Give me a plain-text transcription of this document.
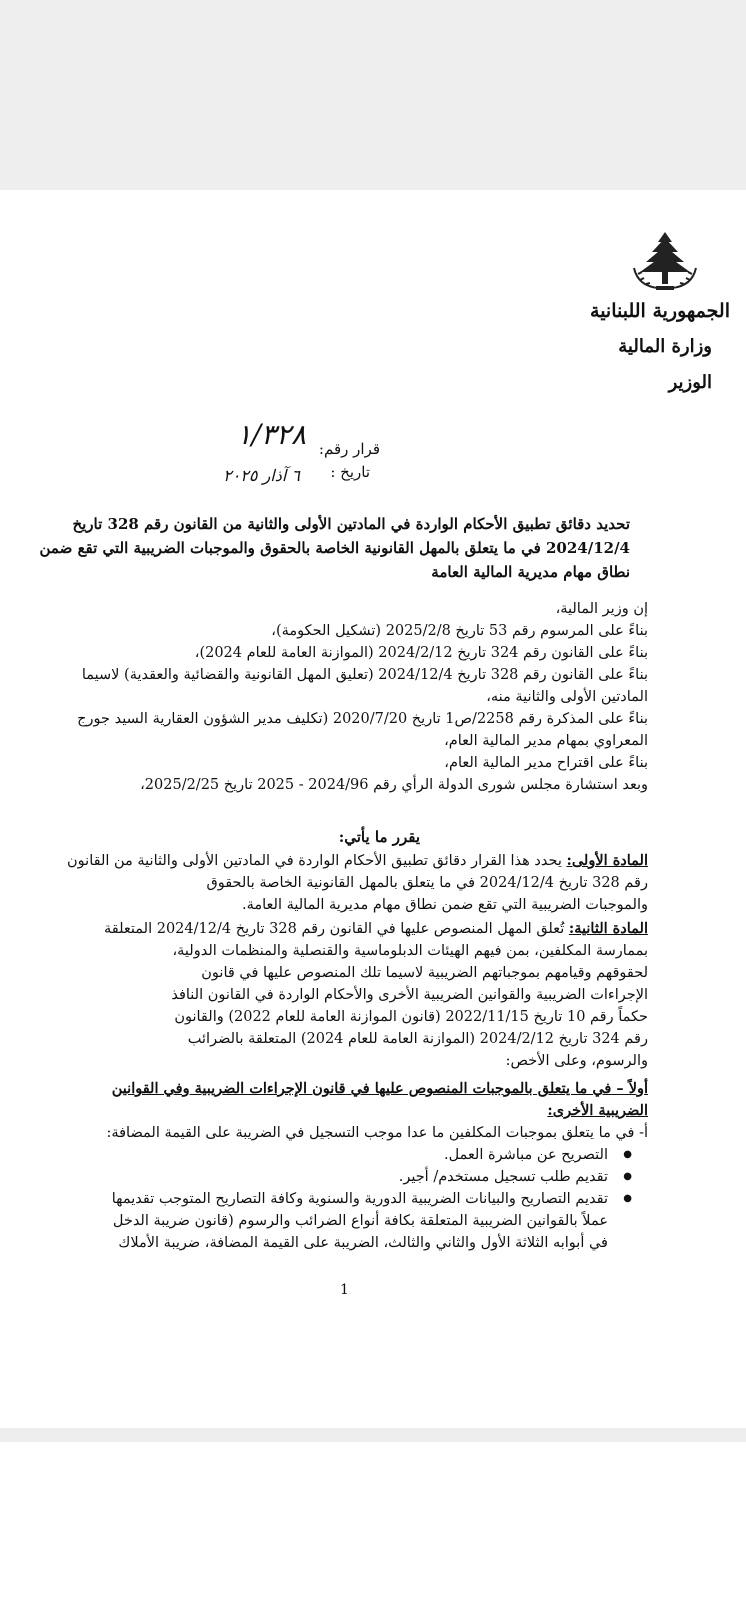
الجمهورية اللبنانية
وزارة المالية
الوزير
قرار رقم:
١/٣٢٨
تاريخ :
٦ آذار ٢٠٢٥
تحديد دقائق تطبيق الأحكام الواردة في المادتين الأولى والثانية من القانون رقم 328 تاريخ
2024/12/4 في ما يتعلق بالمهل القانونية الخاصة بالحقوق والموجبات الضريبية التي تقع ضمن
نطاق مهام مديرية المالية العامة
إن وزير المالية،
بناءً على المرسوم رقم 53 تاريخ 2025/2/8 (تشكيل الحكومة)،
بناءً على القانون رقم 324 تاريخ 2024/2/12 (الموازنة العامة للعام 2024)،
بناءً على القانون رقم 328 تاريخ 2024/12/4 (تعليق المهل القانونية والقضائية والعقدية) لاسيما
المادتين الأولى والثانية منه،
بناءً على المذكرة رقم 2258/ص1 تاريخ 2020/7/20 (تكليف مدير الشؤون العقارية السيد جورج
المعراوي بمهام مدير المالية العام،
بناءً على اقتراح مدير المالية العام،
وبعد استشارة مجلس شورى الدولة الرأي رقم 2024/96 - 2025 تاريخ 2025/2/25،
يقرر ما يأتي:
المادة الأولى: يحدد هذا القرار دقائق تطبيق الأحكام الواردة في المادتين الأولى والثانية من القانون
رقم 328 تاريخ 2024/12/4 في ما يتعلق بالمهل القانونية الخاصة بالحقوق
والموجبات الضريبية التي تقع ضمن نطاق مهام مديرية المالية العامة.
المادة الثانية: تُعلق المهل المنصوص عليها في القانون رقم 328 تاريخ 2024/12/4 المتعلقة
بممارسة المكلفين، بمن فيهم الهيئات الدبلوماسية والقنصلية والمنظمات الدولية،
لحقوقهم وقيامهم بموجباتهم الضريبية لاسيما تلك المنصوص عليها في قانون
الإجراءات الضريبية والقوانين الضريبية الأخرى والأحكام الواردة في القانون النافذ
حكماً رقم 10 تاريخ 2022/11/15 (قانون الموازنة العامة للعام 2022) والقانون
رقم 324 تاريخ 2024/2/12 (الموازنة العامة للعام 2024) المتعلقة بالضرائب
والرسوم، وعلى الأخص:
أولاً – في ما يتعلق بالموجبات المنصوص عليها في قانون الإجراءات الضريبية وفي القوانين
الضريبية الأخرى:
أ- في ما يتعلق بموجبات المكلفين ما عدا موجب التسجيل في الضريبة على القيمة المضافة:
● التصريح عن مباشرة العمل.
● تقديم طلب تسجيل مستخدم/ أجير.
● تقديم التصاريح والبيانات الضريبية الدورية والسنوية وكافة التصاريح المتوجب تقديمها
عملاً بالقوانين الضريبية المتعلقة بكافة أنواع الضرائب والرسوم (قانون ضريبة الدخل
في أبوابه الثلاثة الأول والثاني والثالث، الضريبة على القيمة المضافة، ضريبة الأملاك
1
